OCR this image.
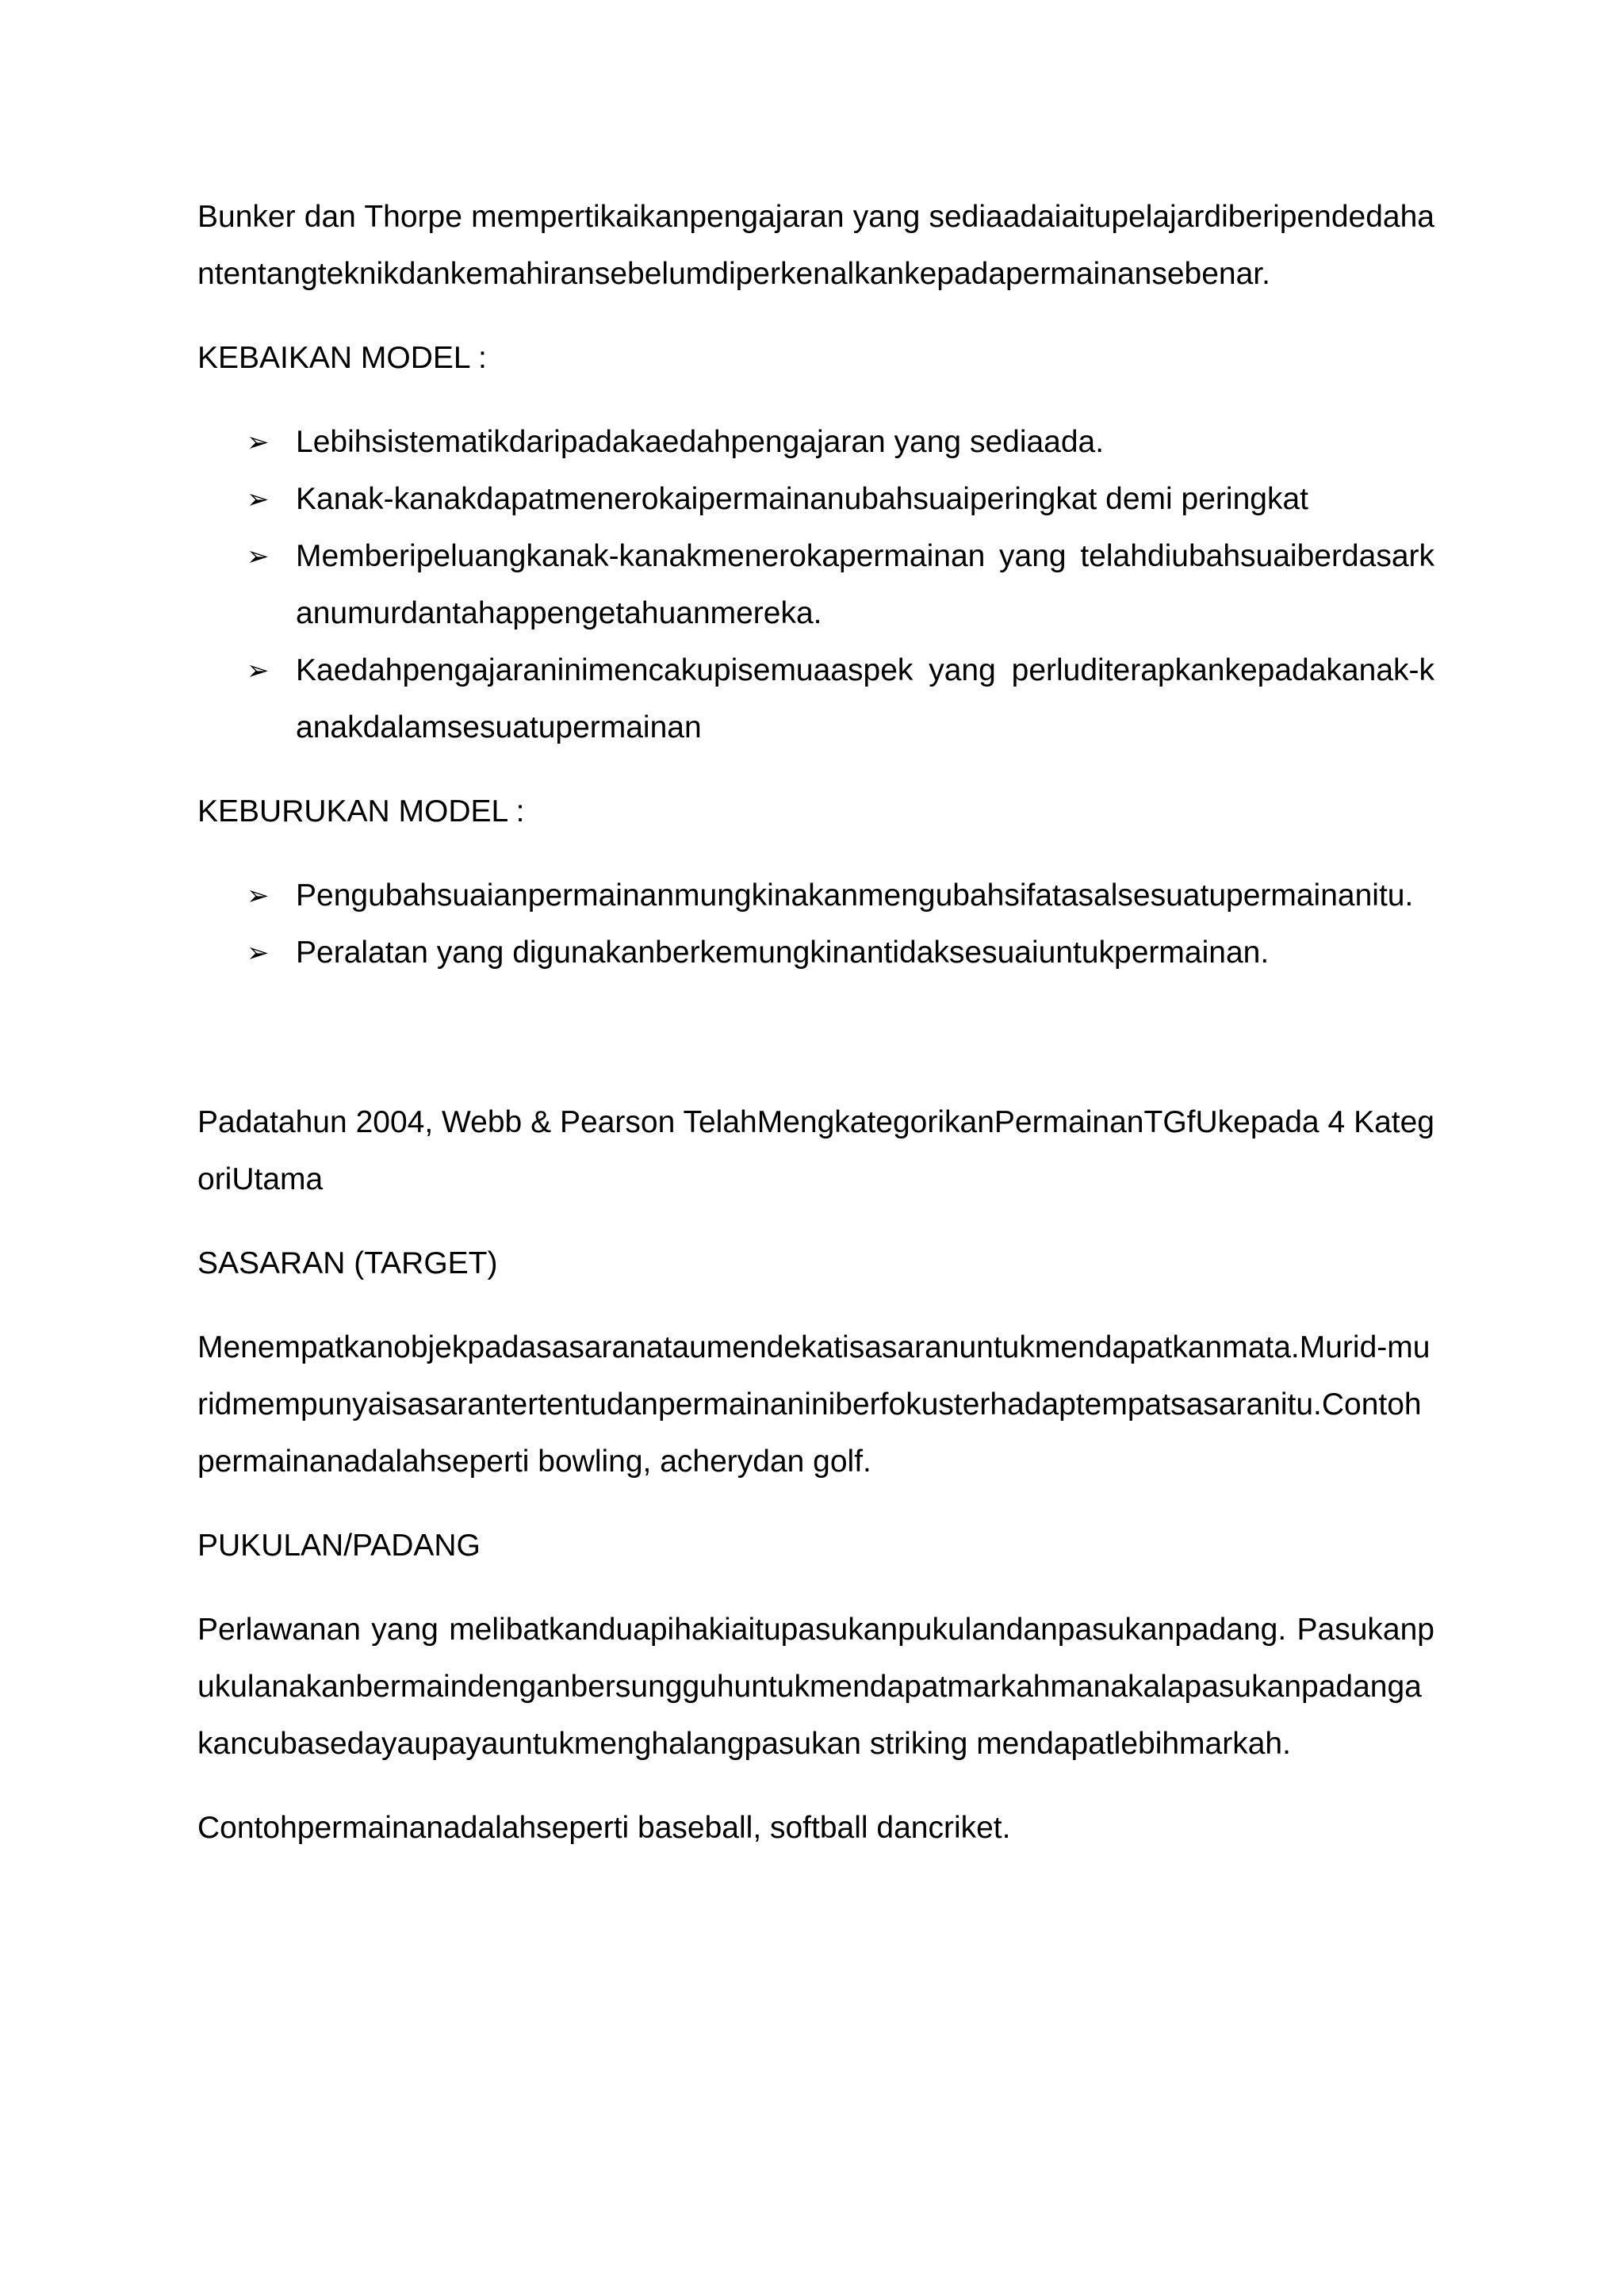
Bunker dan Thorpe mempertikaikanpengajaran yang sediaadaiaitupelajardiberipendedahantentangteknikdankemahiransebelumdiperkenalkankepadapermainansebenar.

KEBAIKAN MODEL :

➢ Lebihsistematikdaripadakaedahpengajaran yang sediaada.
➢ Kanak-kanakdapatmenerokaipermainanubahsuaiperingkat demi peringkat
➢ Memberipeluangkanak-kanakmenerokapermainan yang telahdiubahsuaiberdasarkanumurdantahappengetahuanmereka.
➢ Kaedahpengajaraninimencakupisemuaaspek yang perluditerapkankepadakanak-kanakdalamsesuatupermainan

KEBURUKAN MODEL :

➢ Pengubahsuaianpermainanmungkinakanmengubahsifatasalsesuatupermainanitu.
➢ Peralatan yang digunakanberkemungkinantidaksesuaiuntukpermainan.

Padatahun 2004, Webb & Pearson TelahMengkategorikanPermainanTGfUkepada 4 KategoriUtama

SASARAN (TARGET)

Menempatkanobjekpadasasaranataumendekatisasaranuntukmendapatkanmata.Murid-muridmempunyaisasarantertentudanpermainaniniberfokusterhadaptempatsasaranitu.Contohpermainanadalahseperti bowling, acherydan golf.

PUKULAN/PADANG

Perlawanan yang melibatkanduapihakiaitupasukanpukulandanpasukanpadang. Pasukanpukulanakanbermaindenganbersungguhuntukmendapatmarkahmanakalapasukanpadangakancubasedayaupayauntukmenghalangpasukan striking mendapatlebihmarkah.

Contohpermainanadalahseperti baseball, softball dancriket.
